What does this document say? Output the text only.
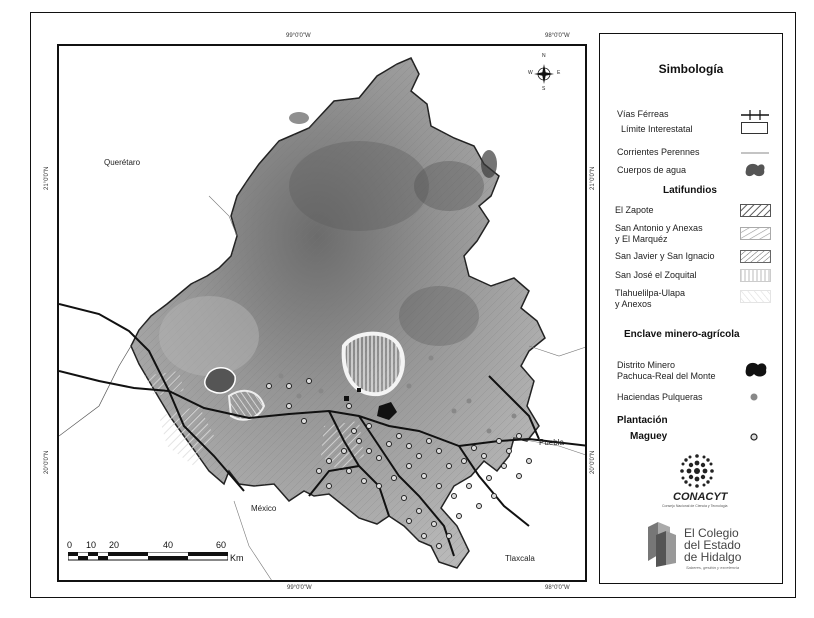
99°0'0"W	98°0'0"W
99°0'0"W	98°0'0"W
21°0'0"N
20°0'0"N
21°0'0"N
20°0'0"N
N
S
E
W
Querétaro
México
Puebla
Tlaxcala
0 10 20	40	60
Km
Simbología
Vías Férreas
Límite Interestatal
Corrientes Perennes
Cuerpos de agua
Latifundios
El Zapote
San Antonio y Anexas
y El Marquéz
San Javier y San Ignacio
San José el Zoquital
Tlahuelilpa-Ulapa
y Anexos
Enclave minero-agrícola
Distrito Minero
Pachuca-Real del Monte
Haciendas Pulqueras
Plantación
Maguey
CONACYT
Consejo Nacional de Ciencia y Tecnología
El Colegio
del Estado
de Hidalgo
Saberes, gestión y excelencia
